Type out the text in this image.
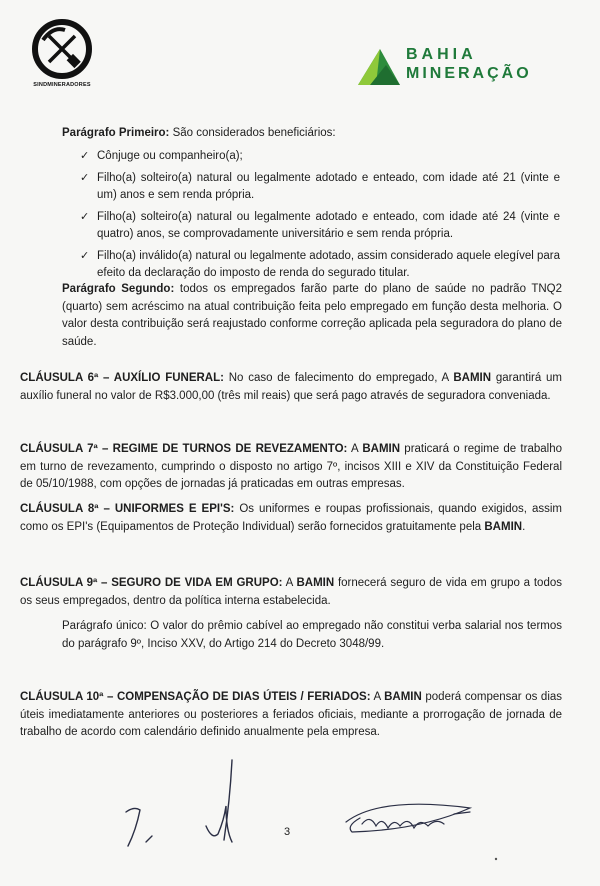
SINDMINERADORES
BAHIA
MINERAÇÃO
Parágrafo Primeiro: São considerados beneficiários:
✓ Cônjuge ou companheiro(a);
✓ Filho(a) solteiro(a) natural ou legalmente adotado e enteado, com idade até 21 (vinte e um) anos e sem renda própria.
✓ Filho(a) solteiro(a) natural ou legalmente adotado e enteado, com idade até 24 (vinte e quatro) anos, se comprovadamente universitário e sem renda própria.
✓ Filho(a) inválido(a) natural ou legalmente adotado, assim considerado aquele elegível para efeito da declaração do imposto de renda do segurado titular.
Parágrafo Segundo: todos os empregados farão parte do plano de saúde no padrão TNQ2 (quarto) sem acréscimo na atual contribuição feita pelo empregado em função desta melhoria. O valor desta contribuição será reajustado conforme correção aplicada pela seguradora do plano de saúde.
CLÁUSULA 6ª – AUXÍLIO FUNERAL: No caso de falecimento do empregado, A BAMIN garantirá um auxílio funeral no valor de R$3.000,00 (três mil reais) que será pago através de seguradora conveniada.
CLÁUSULA 7ª – REGIME DE TURNOS DE REVEZAMENTO: A BAMIN praticará o regime de trabalho em turno de revezamento, cumprindo o disposto no artigo 7º, incisos XIII e XIV da Constituição Federal de 05/10/1988, com opções de jornadas já praticadas em outras empresas.
CLÁUSULA 8ª – UNIFORMES E EPI'S: Os uniformes e roupas profissionais, quando exigidos, assim como os EPI's (Equipamentos de Proteção Individual) serão fornecidos gratuitamente pela BAMIN.
CLÁUSULA 9ª – SEGURO DE VIDA EM GRUPO: A BAMIN fornecerá seguro de vida em grupo a todos os seus empregados, dentro da política interna estabelecida.
Parágrafo único: O valor do prêmio cabível ao empregado não constitui verba salarial nos termos do parágrafo 9º, Inciso XXV, do Artigo 214 do Decreto 3048/99.
CLÁUSULA 10ª – COMPENSAÇÃO DE DIAS ÚTEIS / FERIADOS: A BAMIN poderá compensar os dias úteis imediatamente anteriores ou posteriores a feriados oficiais, mediante a prorrogação de jornada de trabalho de acordo com calendário definido anualmente pela empresa.
3
